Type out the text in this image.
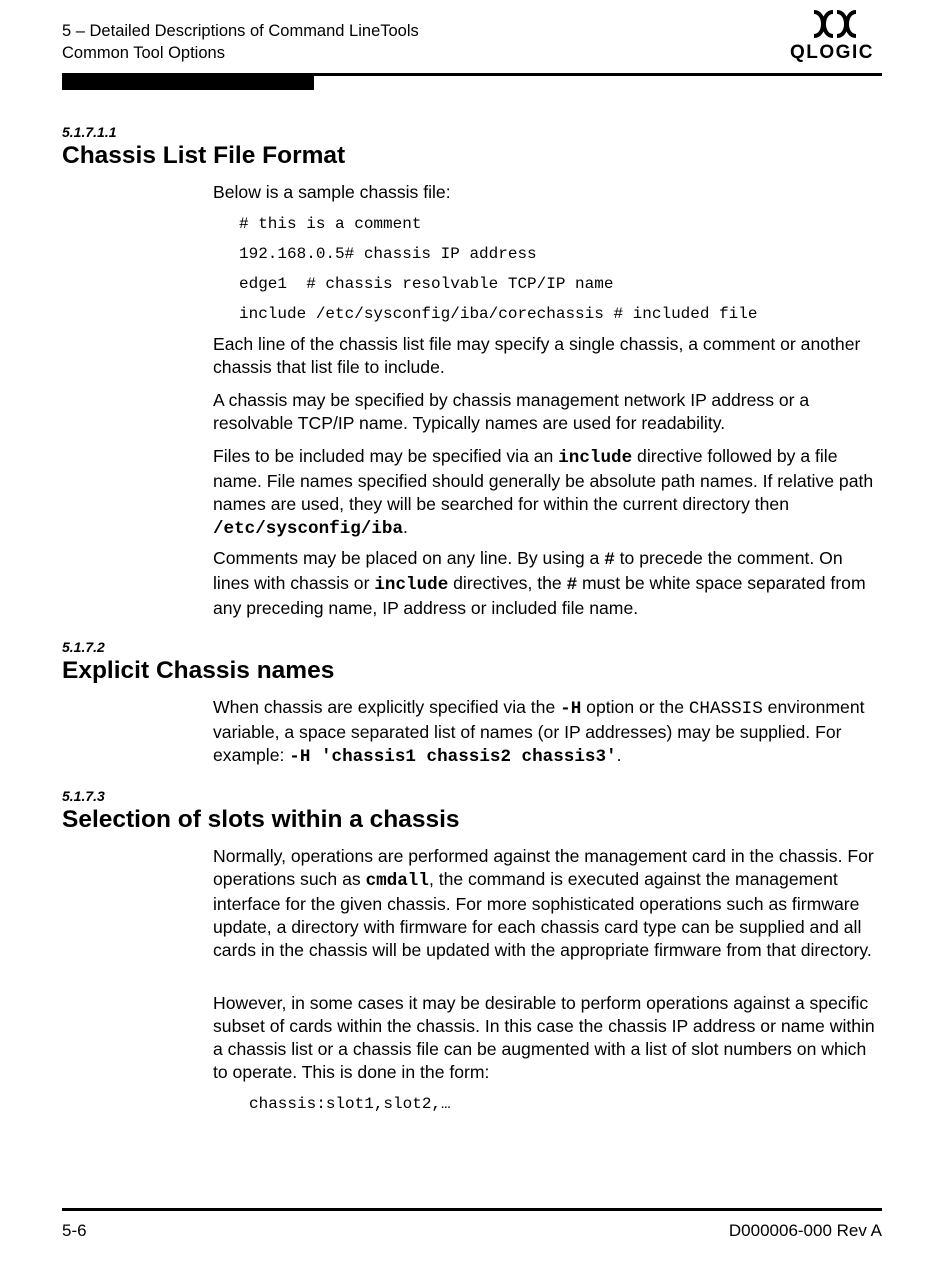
5 – Detailed Descriptions of Command LineTools
Common Tool Options	QLOGIC
5.1.7.1.1
Chassis List File Format
Below is a sample chassis file:
# this is a comment
192.168.0.5# chassis IP address
edge1  # chassis resolvable TCP/IP name
include /etc/sysconfig/iba/corechassis # included file

Each line of the chassis list file may specify a single chassis, a comment or another chassis that list file to include.

A chassis may be specified by chassis management network IP address or a resolvable TCP/IP name. Typically names are used for readability.

Files to be included may be specified via an include directive followed by a file name. File names specified should generally be absolute path names. If relative path names are used, they will be searched for within the current directory then /etc/sysconfig/iba.

Comments may be placed on any line. By using a # to precede the comment. On lines with chassis or include directives, the # must be white space separated from any preceding name, IP address or included file name.

5.1.7.2
Explicit Chassis names

When chassis are explicitly specified via the -H option or the CHASSIS environment variable, a space separated list of names (or IP addresses) may be supplied. For example: -H 'chassis1 chassis2 chassis3'.

5.1.7.3
Selection of slots within a chassis

Normally, operations are performed against the management card in the chassis. For operations such as cmdall, the command is executed against the management interface for the given chassis. For more sophisticated operations such as firmware update, a directory with firmware for each chassis card type can be supplied and all cards in the chassis will be updated with the appropriate firmware from that directory.

However, in some cases it may be desirable to perform operations against a specific subset of cards within the chassis. In this case the chassis IP address or name within a chassis list or a chassis file can be augmented with a list of slot numbers on which to operate. This is done in the form:

chassis:slot1,slot2,…
5-6	D000006-000 Rev A
